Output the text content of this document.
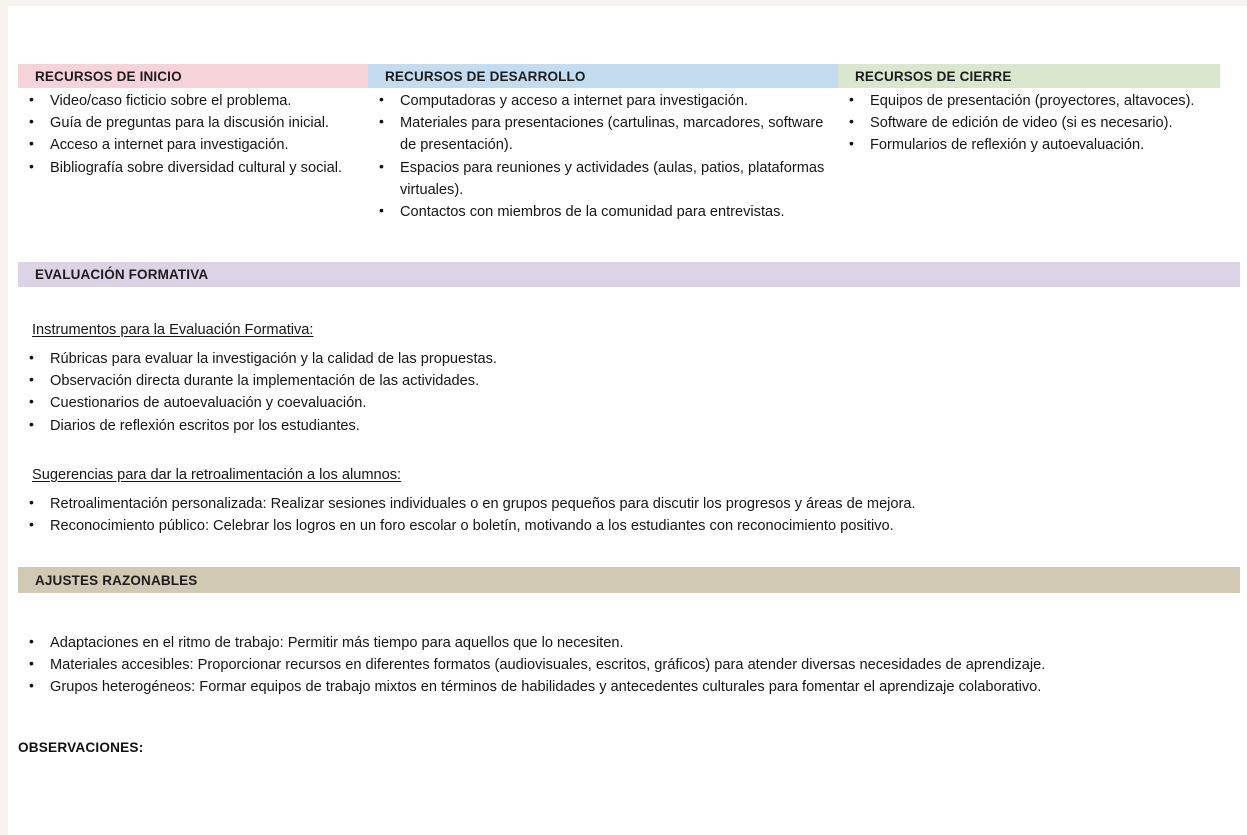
RECURSOS DE INICIO	RECURSOS DE DESARROLLO	RECURSOS DE CIERRE
• Video/caso ficticio sobre el problema.
• Guía de preguntas para la discusión inicial.
• Acceso a internet para investigación.
• Bibliografía sobre diversidad cultural y social.
• Computadoras y acceso a internet para investigación.
• Materiales para presentaciones (cartulinas, marcadores, software de presentación).
• Espacios para reuniones y actividades (aulas, patios, plataformas virtuales).
• Contactos con miembros de la comunidad para entrevistas.
• Equipos de presentación (proyectores, altavoces).
• Software de edición de video (si es necesario).
• Formularios de reflexión y autoevaluación.
EVALUACIÓN FORMATIVA
Instrumentos para la Evaluación Formativa:
• Rúbricas para evaluar la investigación y la calidad de las propuestas.
• Observación directa durante la implementación de las actividades.
• Cuestionarios de autoevaluación y coevaluación.
• Diarios de reflexión escritos por los estudiantes.
Sugerencias para dar la retroalimentación a los alumnos:
• Retroalimentación personalizada: Realizar sesiones individuales o en grupos pequeños para discutir los progresos y áreas de mejora.
• Reconocimiento público: Celebrar los logros en un foro escolar o boletín, motivando a los estudiantes con reconocimiento positivo.
AJUSTES RAZONABLES
• Adaptaciones en el ritmo de trabajo: Permitir más tiempo para aquellos que lo necesiten.
• Materiales accesibles: Proporcionar recursos en diferentes formatos (audiovisuales, escritos, gráficos) para atender diversas necesidades de aprendizaje.
• Grupos heterogéneos: Formar equipos de trabajo mixtos en términos de habilidades y antecedentes culturales para fomentar el aprendizaje colaborativo.
OBSERVACIONES:
